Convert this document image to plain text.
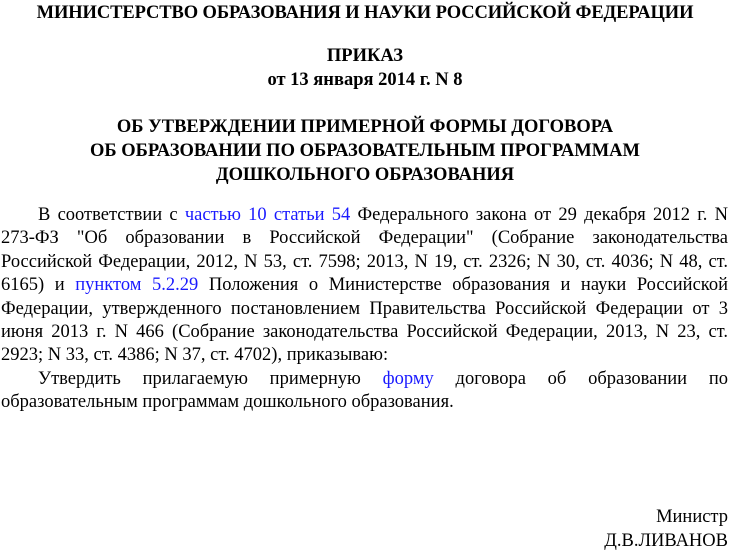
МИНИСТЕРСТВО ОБРАЗОВАНИЯ И НАУКИ РОССИЙСКОЙ ФЕДЕРАЦИИ
ПРИКАЗ
от 13 января 2014 г. N 8
ОБ УТВЕРЖДЕНИИ ПРИМЕРНОЙ ФОРМЫ ДОГОВОРА
ОБ ОБРАЗОВАНИИ ПО ОБРАЗОВАТЕЛЬНЫМ ПРОГРАММАМ
ДОШКОЛЬНОГО ОБРАЗОВАНИЯ

В соответствии с частью 10 статьи 54 Федерального закона от 29 декабря 2012 г. N 273-ФЗ "Об образовании в Российской Федерации" (Собрание законодательства Российской Федерации, 2012, N 53, ст. 7598; 2013, N 19, ст. 2326; N 30, ст. 4036; N 48, ст. 6165) и пунктом 5.2.29 Положения о Министерстве образования и науки Российской Федерации, утвержденного постановлением Правительства Российской Федерации от 3 июня 2013 г. N 466 (Собрание законодательства Российской Федерации, 2013, N 23, ст. 2923; N 33, ст. 4386; N 37, ст. 4702), приказываю:

Утвердить прилагаемую примерную форму договора об образовании по образовательным программам дошкольного образования.

Министр
Д.В.ЛИВАНОВ
